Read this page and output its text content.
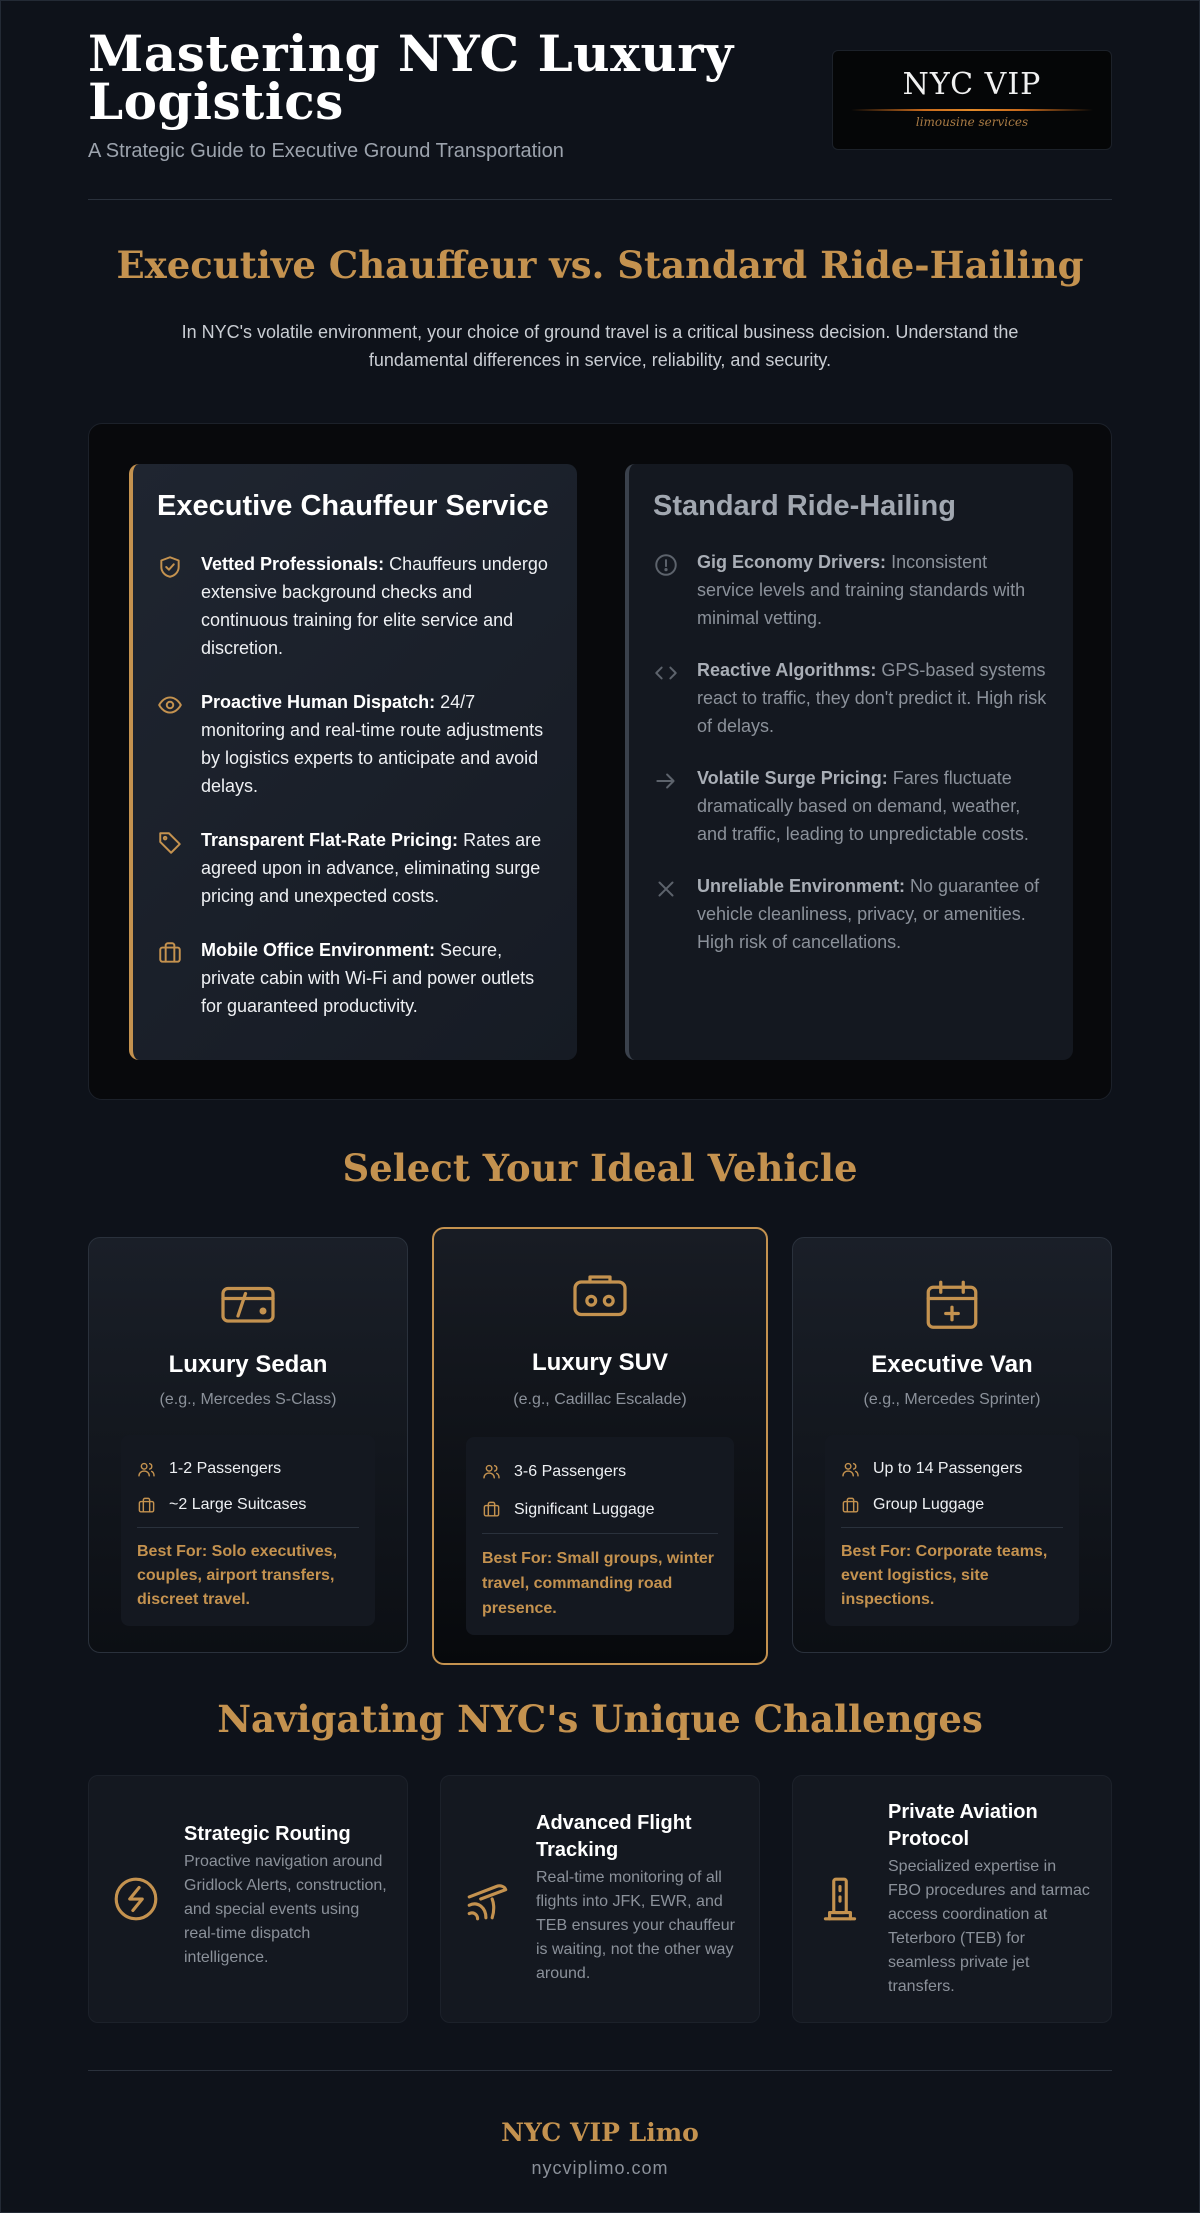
Mastering NYC Luxury Logistics
A Strategic Guide to Executive Ground Transportation
NYC VIP
limousine services
Executive Chauffeur vs. Standard Ride-Hailing

In NYC's volatile environment, your choice of ground travel is a critical business decision. Understand the fundamental differences in service, reliability, and security.

Executive Chauffeur Service
Vetted Professionals: Chauffeurs undergo extensive background checks and continuous training for elite service and discretion.
Proactive Human Dispatch: 24/7 monitoring and real-time route adjustments by logistics experts to anticipate and avoid delays.
Transparent Flat-Rate Pricing: Rates are agreed upon in advance, eliminating surge pricing and unexpected costs.
Mobile Office Environment: Secure, private cabin with Wi-Fi and power outlets for guaranteed productivity.
Standard Ride-Hailing
Gig Economy Drivers: Inconsistent service levels and training standards with minimal vetting.
Reactive Algorithms: GPS-based systems react to traffic, they don't predict it. High risk of delays.
Volatile Surge Pricing: Fares fluctuate dramatically based on demand, weather, and traffic, leading to unpredictable costs.
Unreliable Environment: No guarantee of vehicle cleanliness, privacy, or amenities. High risk of cancellations.
Select Your Ideal Vehicle
Luxury Sedan
(e.g., Mercedes S-Class)
1-2 Passengers
~2 Large Suitcases
Best For: Solo executives, couples, airport transfers, discreet travel.
Luxury SUV
(e.g., Cadillac Escalade)
3-6 Passengers
Significant Luggage
Best For: Small groups, winter travel, commanding road presence.
Executive Van
(e.g., Mercedes Sprinter)
Up to 14 Passengers
Group Luggage
Best For: Corporate teams, event logistics, site inspections.
Navigating NYC's Unique Challenges
Strategic Routing
Proactive navigation around Gridlock Alerts, construction, and special events using real-time dispatch intelligence.
Advanced Flight Tracking
Real-time monitoring of all flights into JFK, EWR, and TEB ensures your chauffeur is waiting, not the other way around.
Private Aviation Protocol
Specialized expertise in FBO procedures and tarmac access coordination at Teterboro (TEB) for seamless private jet transfers.
NYC VIP Limo
nycviplimo.com
